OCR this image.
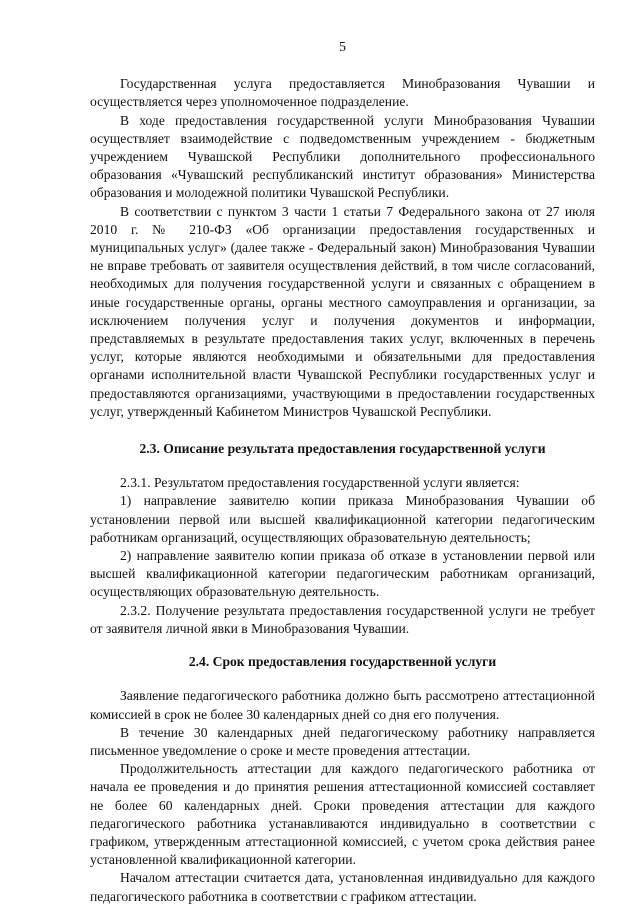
5

Государственная услуга предоставляется Минобразования Чувашии и осуществляется через уполномоченное подразделение.

В ходе предоставления государственной услуги Минобразования Чувашии осуществляет взаимодействие с подведомственным учреждением - бюджетным учреждением Чувашской Республики дополнительного профессионального образования «Чувашский республиканский институт образования» Министерства образования и молодежной политики Чувашской Республики.

В соответствии с пунктом 3 части 1 статьи 7 Федерального закона от 27 июля 2010 г. № 210-ФЗ «Об организации предоставления государственных и муниципальных услуг» (далее также - Федеральный закон) Минобразования Чувашии не вправе требовать от заявителя осуществления действий, в том числе согласований, необходимых для получения государственной услуги и связанных с обращением в иные государственные органы, органы местного самоуправления и организации, за исключением получения услуг и получения документов и информации, представляемых в результате предоставления таких услуг, включенных в перечень услуг, которые являются необходимыми и обязательными для предоставления органами исполнительной власти Чувашской Республики государственных услуг и предоставляются организациями, участвующими в предоставлении государственных услуг, утвержденный Кабинетом Министров Чувашской Республики.

2.3. Описание результата предоставления государственной услуги

2.3.1. Результатом предоставления государственной услуги является:

1) направление заявителю копии приказа Минобразования Чувашии об установлении первой или высшей квалификационной категории педагогическим работникам организаций, осуществляющих образовательную деятельность;

2) направление заявителю копии приказа об отказе в установлении первой или высшей квалификационной категории педагогическим работникам организаций, осуществляющих образовательную деятельность.

2.3.2. Получение результата предоставления государственной услуги не требует от заявителя личной явки в Минобразования Чувашии.

2.4. Срок предоставления государственной услуги

Заявление педагогического работника должно быть рассмотрено аттестационной комиссией в срок не более 30 календарных дней со дня его получения.

В течение 30 календарных дней педагогическому работнику направляется письменное уведомление о сроке и месте проведения аттестации.

Продолжительность аттестации для каждого педагогического работника от начала ее проведения и до принятия решения аттестационной комиссией составляет не более 60 календарных дней. Сроки проведения аттестации для каждого педагогического работника устанавливаются индивидуально в соответствии с графиком, утвержденным аттестационной комиссией, с учетом срока действия ранее установленной квалификационной категории.

Началом аттестации считается дата, установленная индивидуально для каждого педагогического работника в соответствии с графиком аттестации.
